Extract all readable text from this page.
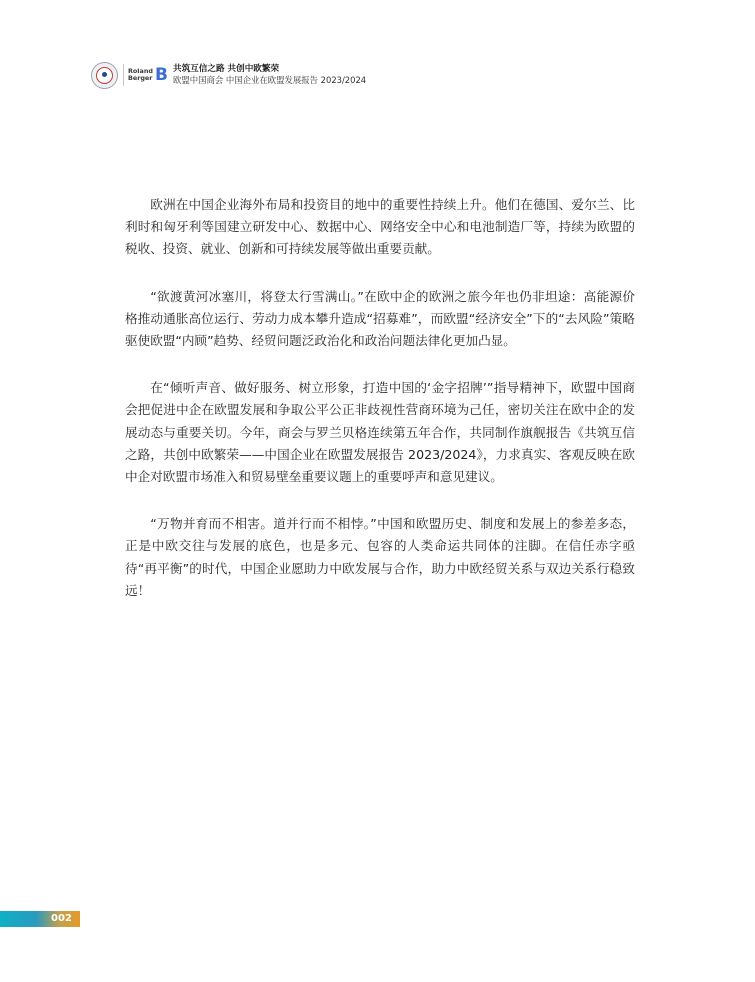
Roland
Berger B 共筑互信之路 共创中欧繁荣
欧盟中国商会 中国企业在欧盟发展报告 2023/2024

欧洲在中国企业海外布局和投资目的地中的重要性持续上升。他们在德国、爱尔兰、比利时和匈牙利等国建立研发中心、数据中心、网络安全中心和电池制造厂等，持续为欧盟的税收、投资、就业、创新和可持续发展等做出重要贡献。

“欲渡黄河冰塞川，将登太行雪满山。”在欧中企的欧洲之旅今年也仍非坦途：高能源价格推动通胀高位运行、劳动力成本攀升造成“招募难”，而欧盟“经济安全”下的“去风险”策略驱使欧盟“内顾”趋势、经贸问题泛政治化和政治问题法律化更加凸显。

在“倾听声音、做好服务、树立形象，打造中国的‘金字招牌’”指导精神下，欧盟中国商会把促进中企在欧盟发展和争取公平公正非歧视性营商环境为己任，密切关注在欧中企的发展动态与重要关切。今年，商会与罗兰贝格连续第五年合作，共同制作旗舰报告《共筑互信之路，共创中欧繁荣——中国企业在欧盟发展报告 2023/2024》，力求真实、客观反映在欧中企对欧盟市场准入和贸易壁垒重要议题上的重要呼声和意见建议。

“万物并育而不相害。道并行而不相悖。”中国和欧盟历史、制度和发展上的参差多态，正是中欧交往与发展的底色，也是多元、包容的人类命运共同体的注脚。在信任赤字亟待“再平衡”的时代，中国企业愿助力中欧发展与合作，助力中欧经贸关系与双边关系行稳致远！

002
